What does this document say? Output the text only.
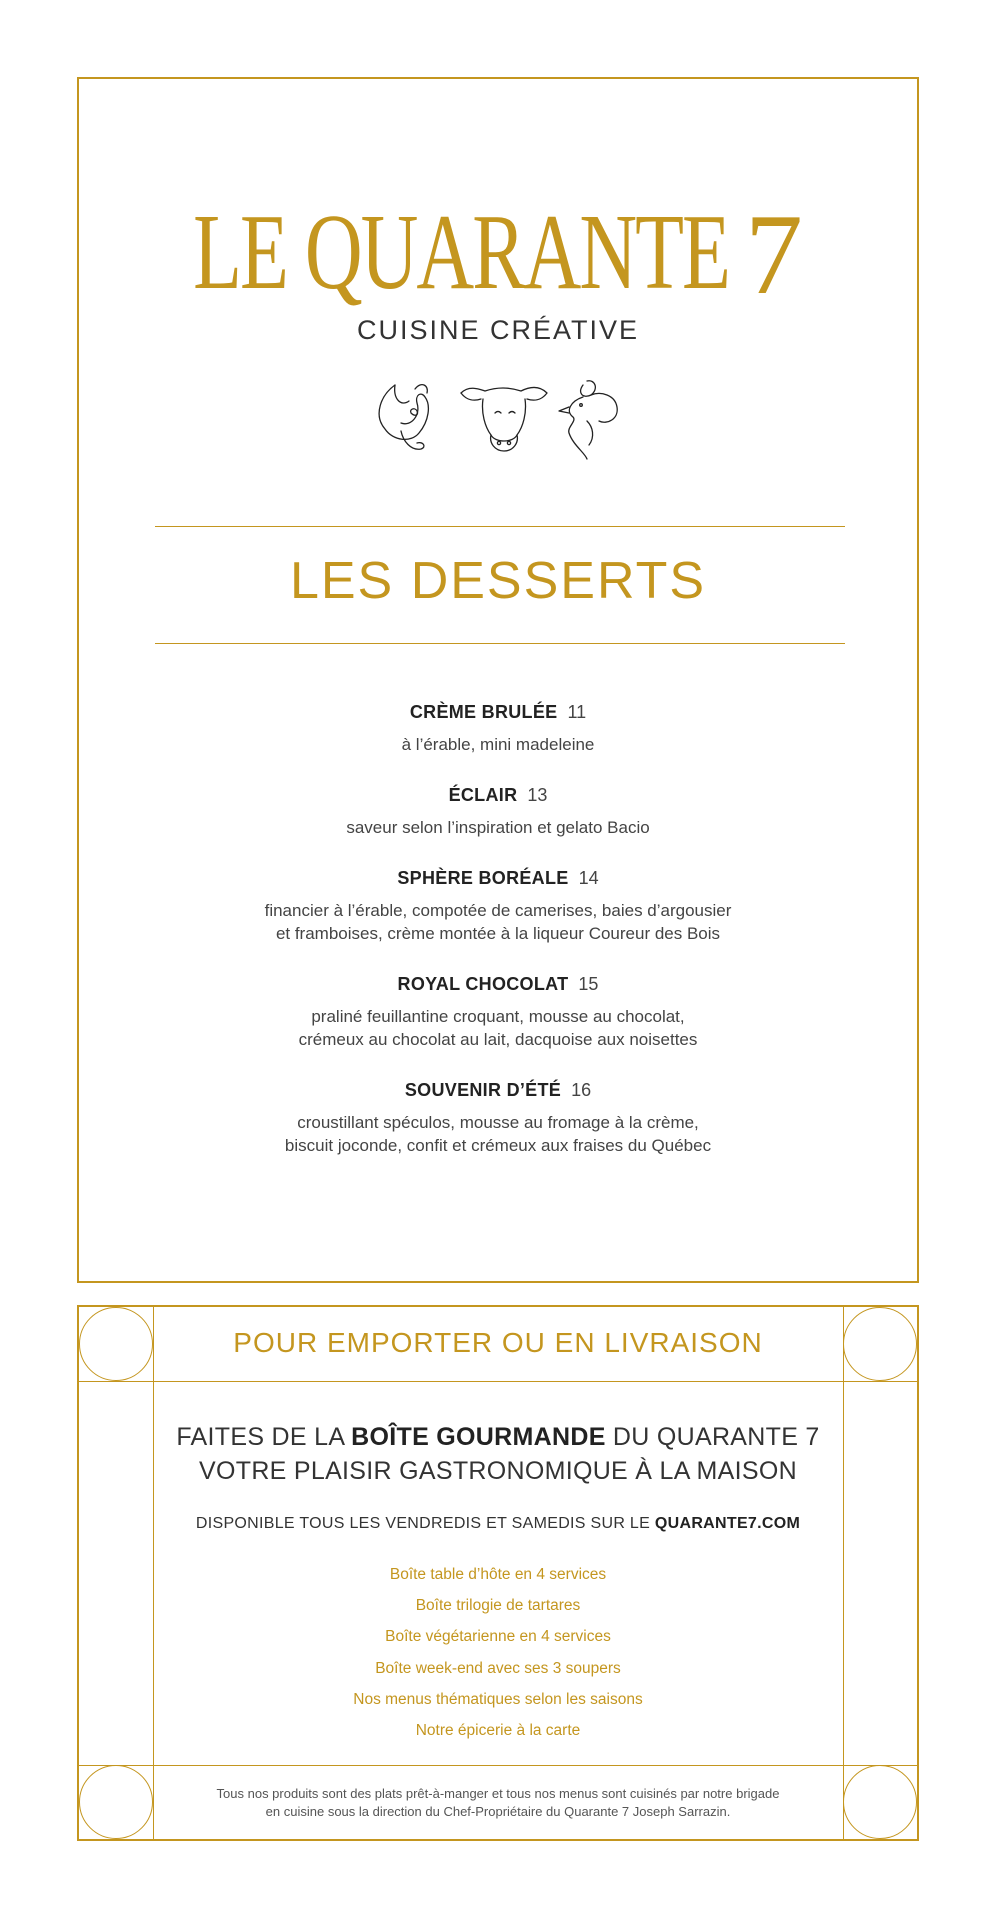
LE QUARANTE 7
CUISINE CRÉATIVE
LES DESSERTS
CRÈME BRULÉE 11
à l’érable, mini madeleine
ÉCLAIR 13
saveur selon l’inspiration et gelato Bacio
SPHÈRE BORÉALE 14
financier à l’érable, compotée de camerises, baies d’argousier
et framboises, crème montée à la liqueur Coureur des Bois
ROYAL CHOCOLAT 15
praliné feuillantine croquant, mousse au chocolat,
crémeux au chocolat au lait, dacquoise aux noisettes
SOUVENIR D’ÉTÉ 16
croustillant spéculos, mousse au fromage à la crème,
biscuit joconde, confit et crémeux aux fraises du Québec
POUR EMPORTER OU EN LIVRAISON
FAITES DE LA BOÎTE GOURMANDE DU QUARANTE 7
VOTRE PLAISIR GASTRONOMIQUE À LA MAISON
DISPONIBLE TOUS LES VENDREDIS ET SAMEDIS SUR LE QUARANTE7.COM
Boîte table d’hôte en 4 services
Boîte trilogie de tartares
Boîte végétarienne en 4 services
Boîte week-end avec ses 3 soupers
Nos menus thématiques selon les saisons
Notre épicerie à la carte
Tous nos produits sont des plats prêt-à-manger et tous nos menus sont cuisinés par notre brigade
en cuisine sous la direction du Chef-Propriétaire du Quarante 7 Joseph Sarrazin.
